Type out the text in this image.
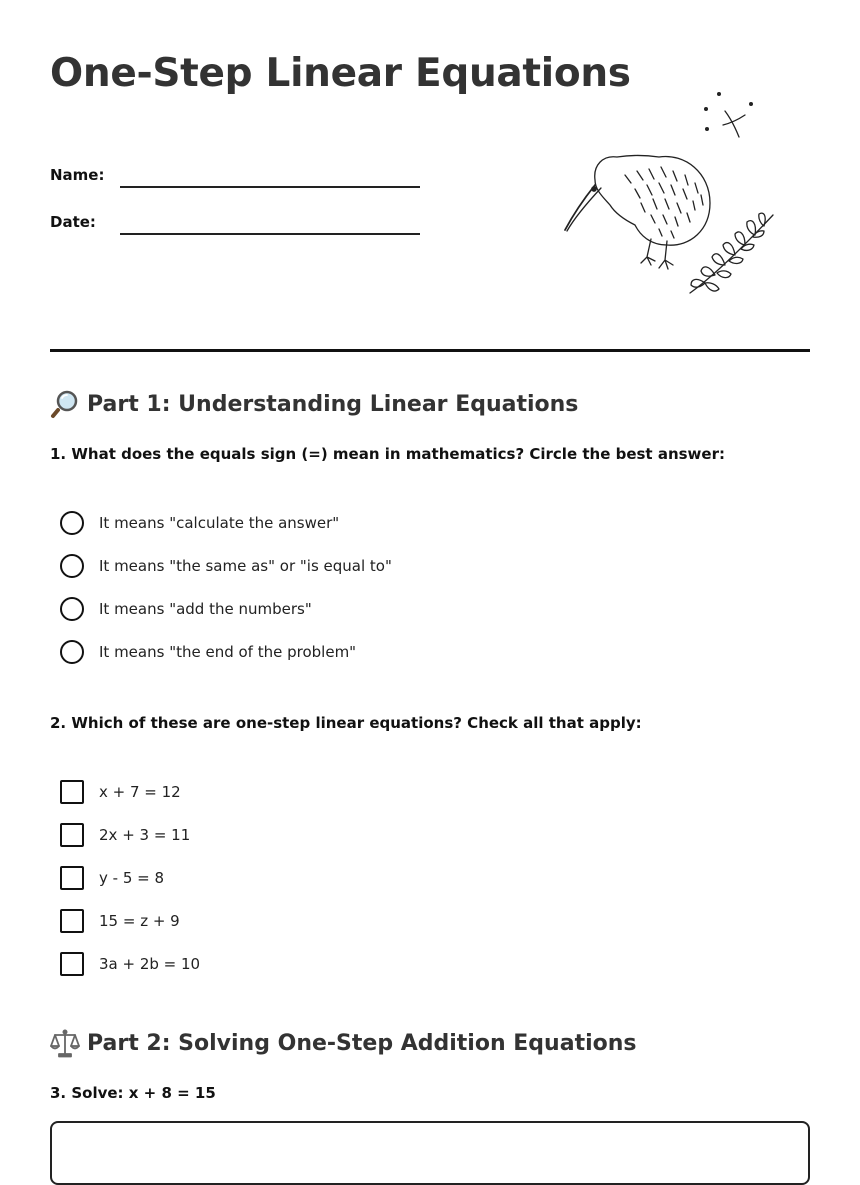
One-Step Linear Equations
Name:
Date:
Part 1: Understanding Linear Equations
1. What does the equals sign (=) mean in mathematics? Circle the best answer:
It means "calculate the answer"
It means "the same as" or "is equal to"
It means "add the numbers"
It means "the end of the problem"
2. Which of these are one-step linear equations? Check all that apply:
x + 7 = 12
2x + 3 = 11
y - 5 = 8
15 = z + 9
3a + 2b = 10
Part 2: Solving One-Step Addition Equations
3. Solve: x + 8 = 15
